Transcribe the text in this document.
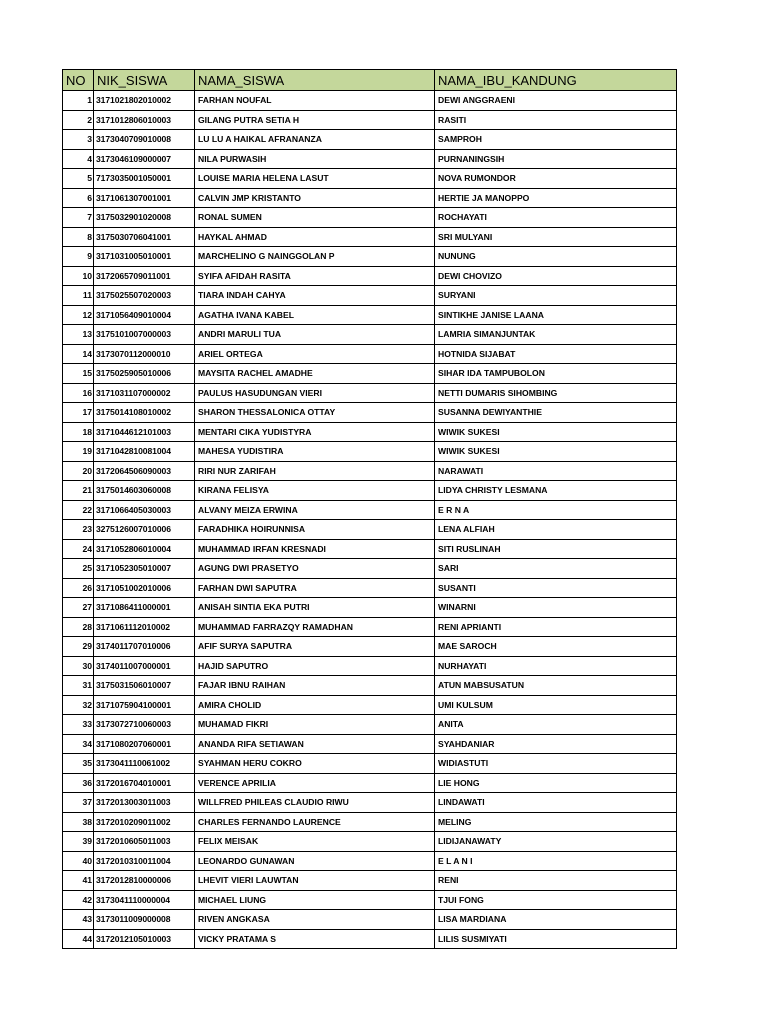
NO	NIK_SISWA	NAMA_SISWA	NAMA_IBU_KANDUNG
1	3171021802010002	FARHAN NOUFAL	DEWI ANGGRAENI
2	3171012806010003	GILANG PUTRA SETIA H	RASITI
3	3173040709010008	LU LU A HAIKAL AFRANANZA	SAMPROH
4	3173046109000007	NILA PURWASIH	PURNANINGSIH
5	7173035001050001	LOUISE MARIA HELENA LASUT	NOVA RUMONDOR
6	3171061307001001	CALVIN JMP KRISTANTO	HERTIE JA MANOPPO
7	3175032901020008	RONAL SUMEN	ROCHAYATI
8	3175030706041001	HAYKAL AHMAD	SRI MULYANI
9	3171031005010001	MARCHELINO G NAINGGOLAN P	NUNUNG
10	3172065709011001	SYIFA AFIDAH RASITA	DEWI CHOVIZO
11	3175025507020003	TIARA INDAH CAHYA	SURYANI
12	3171056409010004	AGATHA IVANA KABEL	SINTIKHE JANISE LAANA
13	3175101007000003	ANDRI MARULI TUA	LAMRIA SIMANJUNTAK
14	3173070112000010	ARIEL ORTEGA	HOTNIDA SIJABAT
15	3175025905010006	MAYSITA RACHEL AMADHE	SIHAR IDA TAMPUBOLON
16	3171031107000002	PAULUS HASUDUNGAN VIERI	NETTI DUMARIS SIHOMBING
17	3175014108010002	SHARON THESSALONICA OTTAY	SUSANNA DEWIYANTHIE
18	3171044612101003	MENTARI CIKA YUDISTYRA	WIWIK SUKESI
19	3171042810081004	MAHESA YUDISTIRA	WIWIK SUKESI
20	3172064506090003	RIRI NUR ZARIFAH	NARAWATI
21	3175014603060008	KIRANA FELISYA	LIDYA CHRISTY LESMANA
22	3171066405030003	ALVANY MEIZA ERWINA	E R N A
23	3275126007010006	FARADHIKA HOIRUNNISA	LENA ALFIAH
24	3171052806010004	MUHAMMAD IRFAN KRESNADI	SITI RUSLINAH
25	3171052305010007	AGUNG DWI PRASETYO	SARI
26	3171051002010006	FARHAN DWI SAPUTRA	SUSANTI
27	3171086411000001	ANISAH SINTIA EKA PUTRI	WINARNI
28	3171061112010002	MUHAMMAD FARRAZQY RAMADHAN	RENI APRIANTI
29	3174011707010006	AFIF SURYA SAPUTRA	MAE SAROCH
30	3174011007000001	HAJID SAPUTRO	NURHAYATI
31	3175031506010007	FAJAR IBNU RAIHAN	ATUN MABSUSATUN
32	3171075904100001	AMIRA CHOLID	UMI KULSUM
33	3173072710060003	MUHAMAD FIKRI	ANITA
34	3171080207060001	ANANDA RIFA SETIAWAN	SYAHDANIAR
35	3173041110061002	SYAHMAN HERU COKRO	WIDIASTUTI
36	3172016704010001	VERENCE APRILIA	LIE HONG
37	3172013003011003	WILLFRED PHILEAS CLAUDIO RIWU	LINDAWATI
38	3172010209011002	CHARLES FERNANDO LAURENCE	MELING
39	3172010605011003	FELIX MEISAK	LIDIJANAWATY
40	3172010310011004	LEONARDO GUNAWAN	E L A N I
41	3172012810000006	LHEVIT VIERI LAUWTAN	RENI
42	3173041110000004	MICHAEL LIUNG	TJUI FONG
43	3173011009000008	RIVEN ANGKASA	LISA MARDIANA
44	3172012105010003	VICKY PRATAMA S	LILIS SUSMIYATI
